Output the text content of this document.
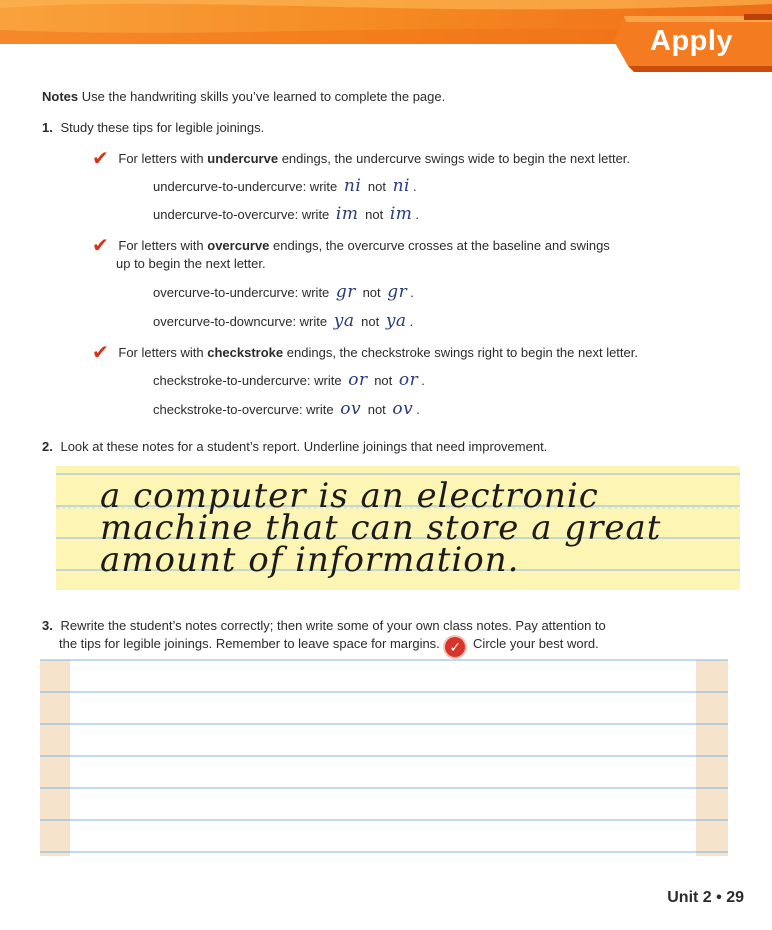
Apply
Notes Use the handwriting skills you’ve learned to complete the page.
1. Study these tips for legible joinings.
✔ For letters with undercurve endings, the undercurve swings wide to begin the next letter.
undercurve-to-undercurve: write ni not ni .
undercurve-to-overcurve: write im not im .
✔ For letters with overcurve endings, the overcurve crosses at the baseline and swings
up to begin the next letter.
overcurve-to-undercurve: write gr not gr .
overcurve-to-downcurve: write ya not ya .
✔ For letters with checkstroke endings, the checkstroke swings right to begin the next letter.
checkstroke-to-undercurve: write or not or .
checkstroke-to-overcurve: write ov not ov .
2. Look at these notes for a student’s report. Underline joinings that need improvement.
a computer is an electronic
machine that can store a great
amount of information.
3. Rewrite the student’s notes correctly; then write some of your own class notes. Pay attention to
the tips for legible joinings. Remember to leave space for margins. ✓ Circle your best word.
Unit 2 • 29
